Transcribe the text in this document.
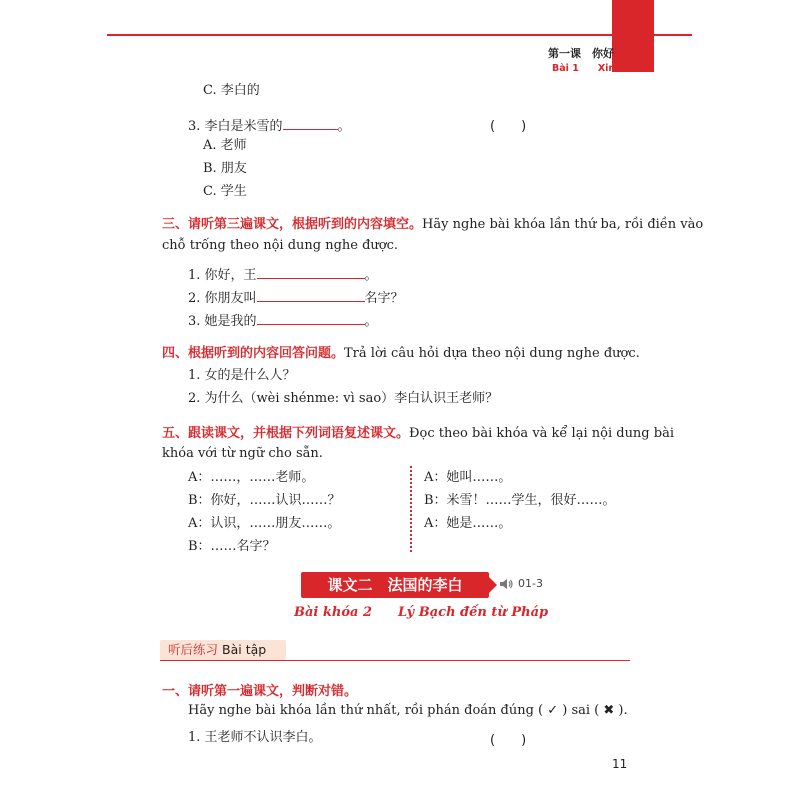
第一课　你好
Bài 1　　Xin chào
C. 李白的
3. 李白是米雪的	。	(　　)
A. 老师
B. 朋友
C. 学生
三、请听第三遍课文，根据听到的内容填空。Hãy nghe bài khóa lần thứ ba, rồi điền vào
chỗ trống theo nội dung nghe được.
1. 你好，王	。
2. 你朋友叫	名字？
3. 她是我的	。
四、根据听到的内容回答问题。Trả lời câu hỏi dựa theo nội dung nghe được.
1. 女的是什么人？
2. 为什么（wèi shénme: vì sao）李白认识王老师？
五、跟读课文，并根据下列词语复述课文。Đọc theo bài khóa và kể lại nội dung bài
khóa với từ ngữ cho sẵn.
A：……，……老师。
B：你好，……认识……？
A：认识，……朋友……。
B：……名字？
A：她叫……。
B：米雪！……学生，很好……。
A：她是……。
课文二　法国的李白	01-3
Bài khóa 2　　Lý Bạch đến từ Pháp
听后练习 Bài tập
一、请听第一遍课文，判断对错。
Hãy nghe bài khóa lần thứ nhất, rồi phán đoán đúng ( ✓ ) sai ( ✖ ).
1. 王老师不认识李白。	(　　)
11
